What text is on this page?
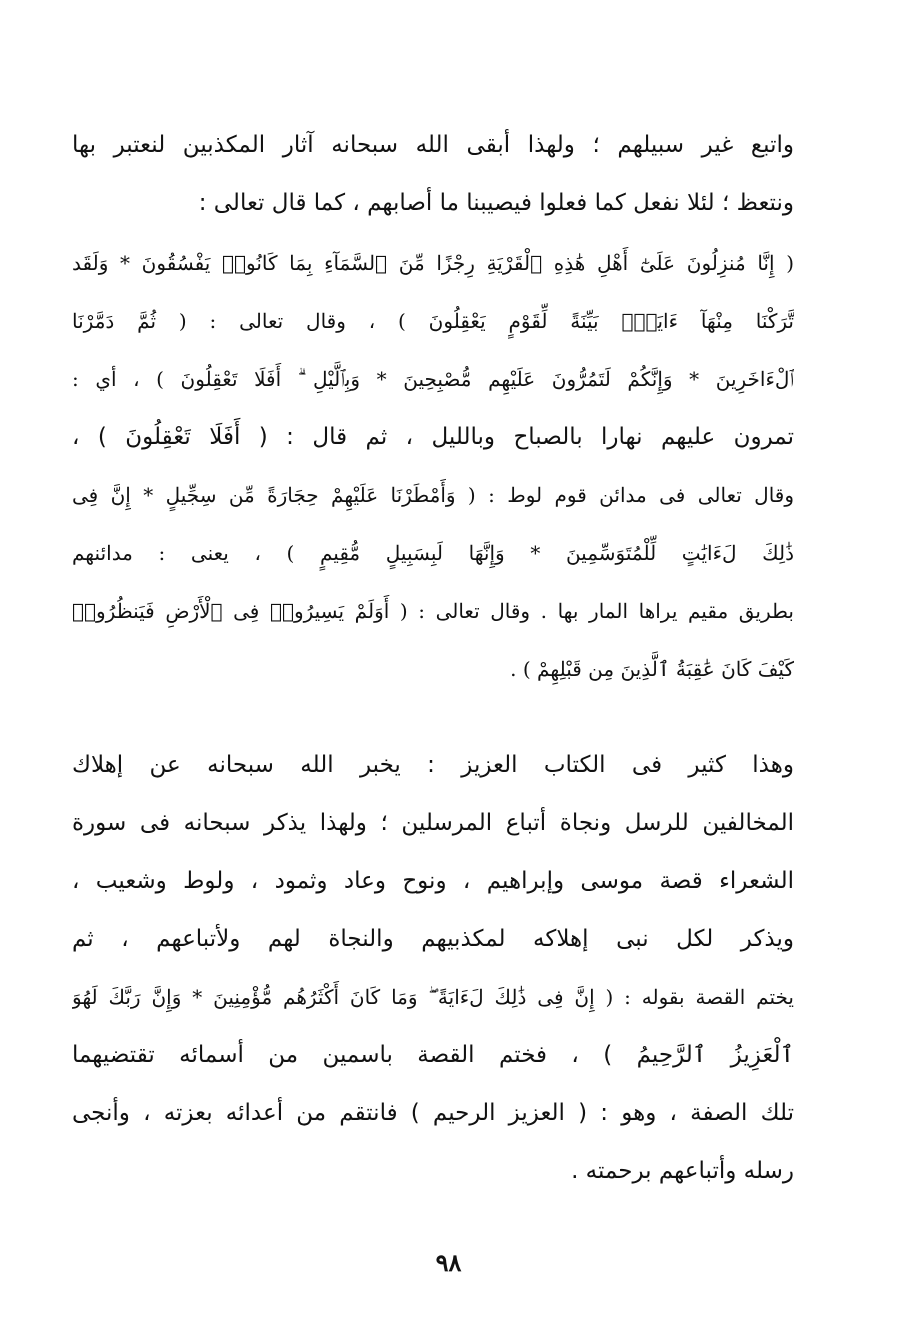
واتبع غير سبيلهم ؛ ولهذا أبقى الله سبحانه آثار المكذبين لنعتبر بها
ونتعظ ؛ لئلا نفعل كما فعلوا فيصيبنا ما أصابهم ، كما قال تعالى :
( إِنَّا مُنزِلُونَ عَلَىٰٓ أَهْلِ هَٰذِهِ ٱلْقَرْيَةِ رِجْزًا مِّنَ ٱلسَّمَآءِ بِمَا كَانُوا۟ يَفْسُقُونَ * وَلَقَد
تَّرَكْنَا مِنْهَآ ءَايَةًۢ بَيِّنَةً لِّقَوْمٍ يَعْقِلُونَ ) ، وقال تعالى : ( ثُمَّ دَمَّرْنَا
ٱلْءَاخَرِينَ * وَإِنَّكُمْ لَتَمُرُّونَ عَلَيْهِم مُّصْبِحِينَ * وَبِٱلَّيْلِ ۗ أَفَلَا تَعْقِلُونَ ) ، أي :
تمرون عليهم نهارا بالصباح وبالليل ، ثم قال : ( أَفَلَا تَعْقِلُونَ ) ،
وقال تعالى فى مدائن قوم لوط : ( وَأَمْطَرْنَا عَلَيْهِمْ حِجَارَةً مِّن سِجِّيلٍ * إِنَّ فِى
ذَٰلِكَ لَءَايَٰتٍ لِّلْمُتَوَسِّمِينَ * وَإِنَّهَا لَبِسَبِيلٍ مُّقِيمٍ ) ، يعنى : مدائنهم
بطريق مقيم يراها المار بها . وقال تعالى : ( أَوَلَمْ يَسِيرُوا۟ فِى ٱلْأَرْضِ فَيَنظُرُوا۟
كَيْفَ كَانَ عَٰقِبَةُ ٱلَّذِينَ مِن قَبْلِهِمْ ) .
وهذا كثير فى الكتاب العزيز : يخبر الله سبحانه عن إهلاك
المخالفين للرسل ونجاة أتباع المرسلين ؛ ولهذا يذكر سبحانه فى سورة
الشعراء قصة موسى وإبراهيم ، ونوح وعاد وثمود ، ولوط وشعيب ،
ويذكر لكل نبى إهلاكه لمكذبيهم والنجاة لهم ولأتباعهم ، ثم
يختم القصة بقوله : ( إِنَّ فِى ذَٰلِكَ لَءَايَةً ۖ وَمَا كَانَ أَكْثَرُهُم مُّؤْمِنِينَ * وَإِنَّ رَبَّكَ لَهُوَ
ٱلْعَزِيزُ ٱلرَّحِيمُ ) ، فختم القصة باسمين من أسمائه تقتضيهما
تلك الصفة ، وهو : ( العزيز الرحيم ) فانتقم من أعدائه بعزته ، وأنجى
رسله وأتباعهم برحمته .
٩٨
